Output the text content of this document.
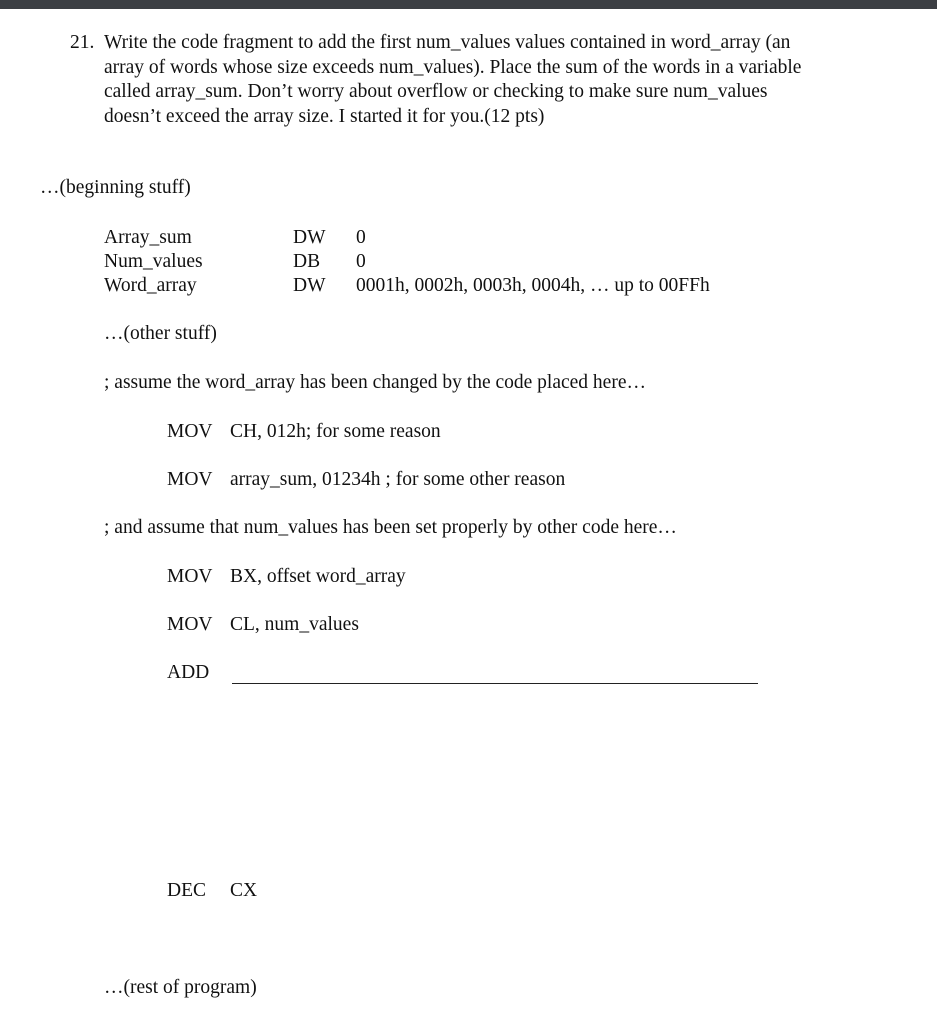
21. Write the code fragment to add the first num_values values contained in word_array (an array of words whose size exceeds num_values). Place the sum of the words in a variable called array_sum. Don’t worry about overflow or checking to make sure num_values doesn’t exceed the array size. I started it for you.(12 pts)
…(beginning stuff)
Array_sum	DW 0
Num_values	DB 0
Word_array	DW 0001h, 0002h, 0003h, 0004h, … up to 00FFh
…(other stuff)
; assume the word_array has been changed by the code placed here…
MOV CH, 012h; for some reason
MOV array_sum, 01234h ; for some other reason
; and assume that num_values has been set properly by other code here…
MOV BX, offset word_array
MOV CL, num_values
ADD
DEC CX
…(rest of program)
